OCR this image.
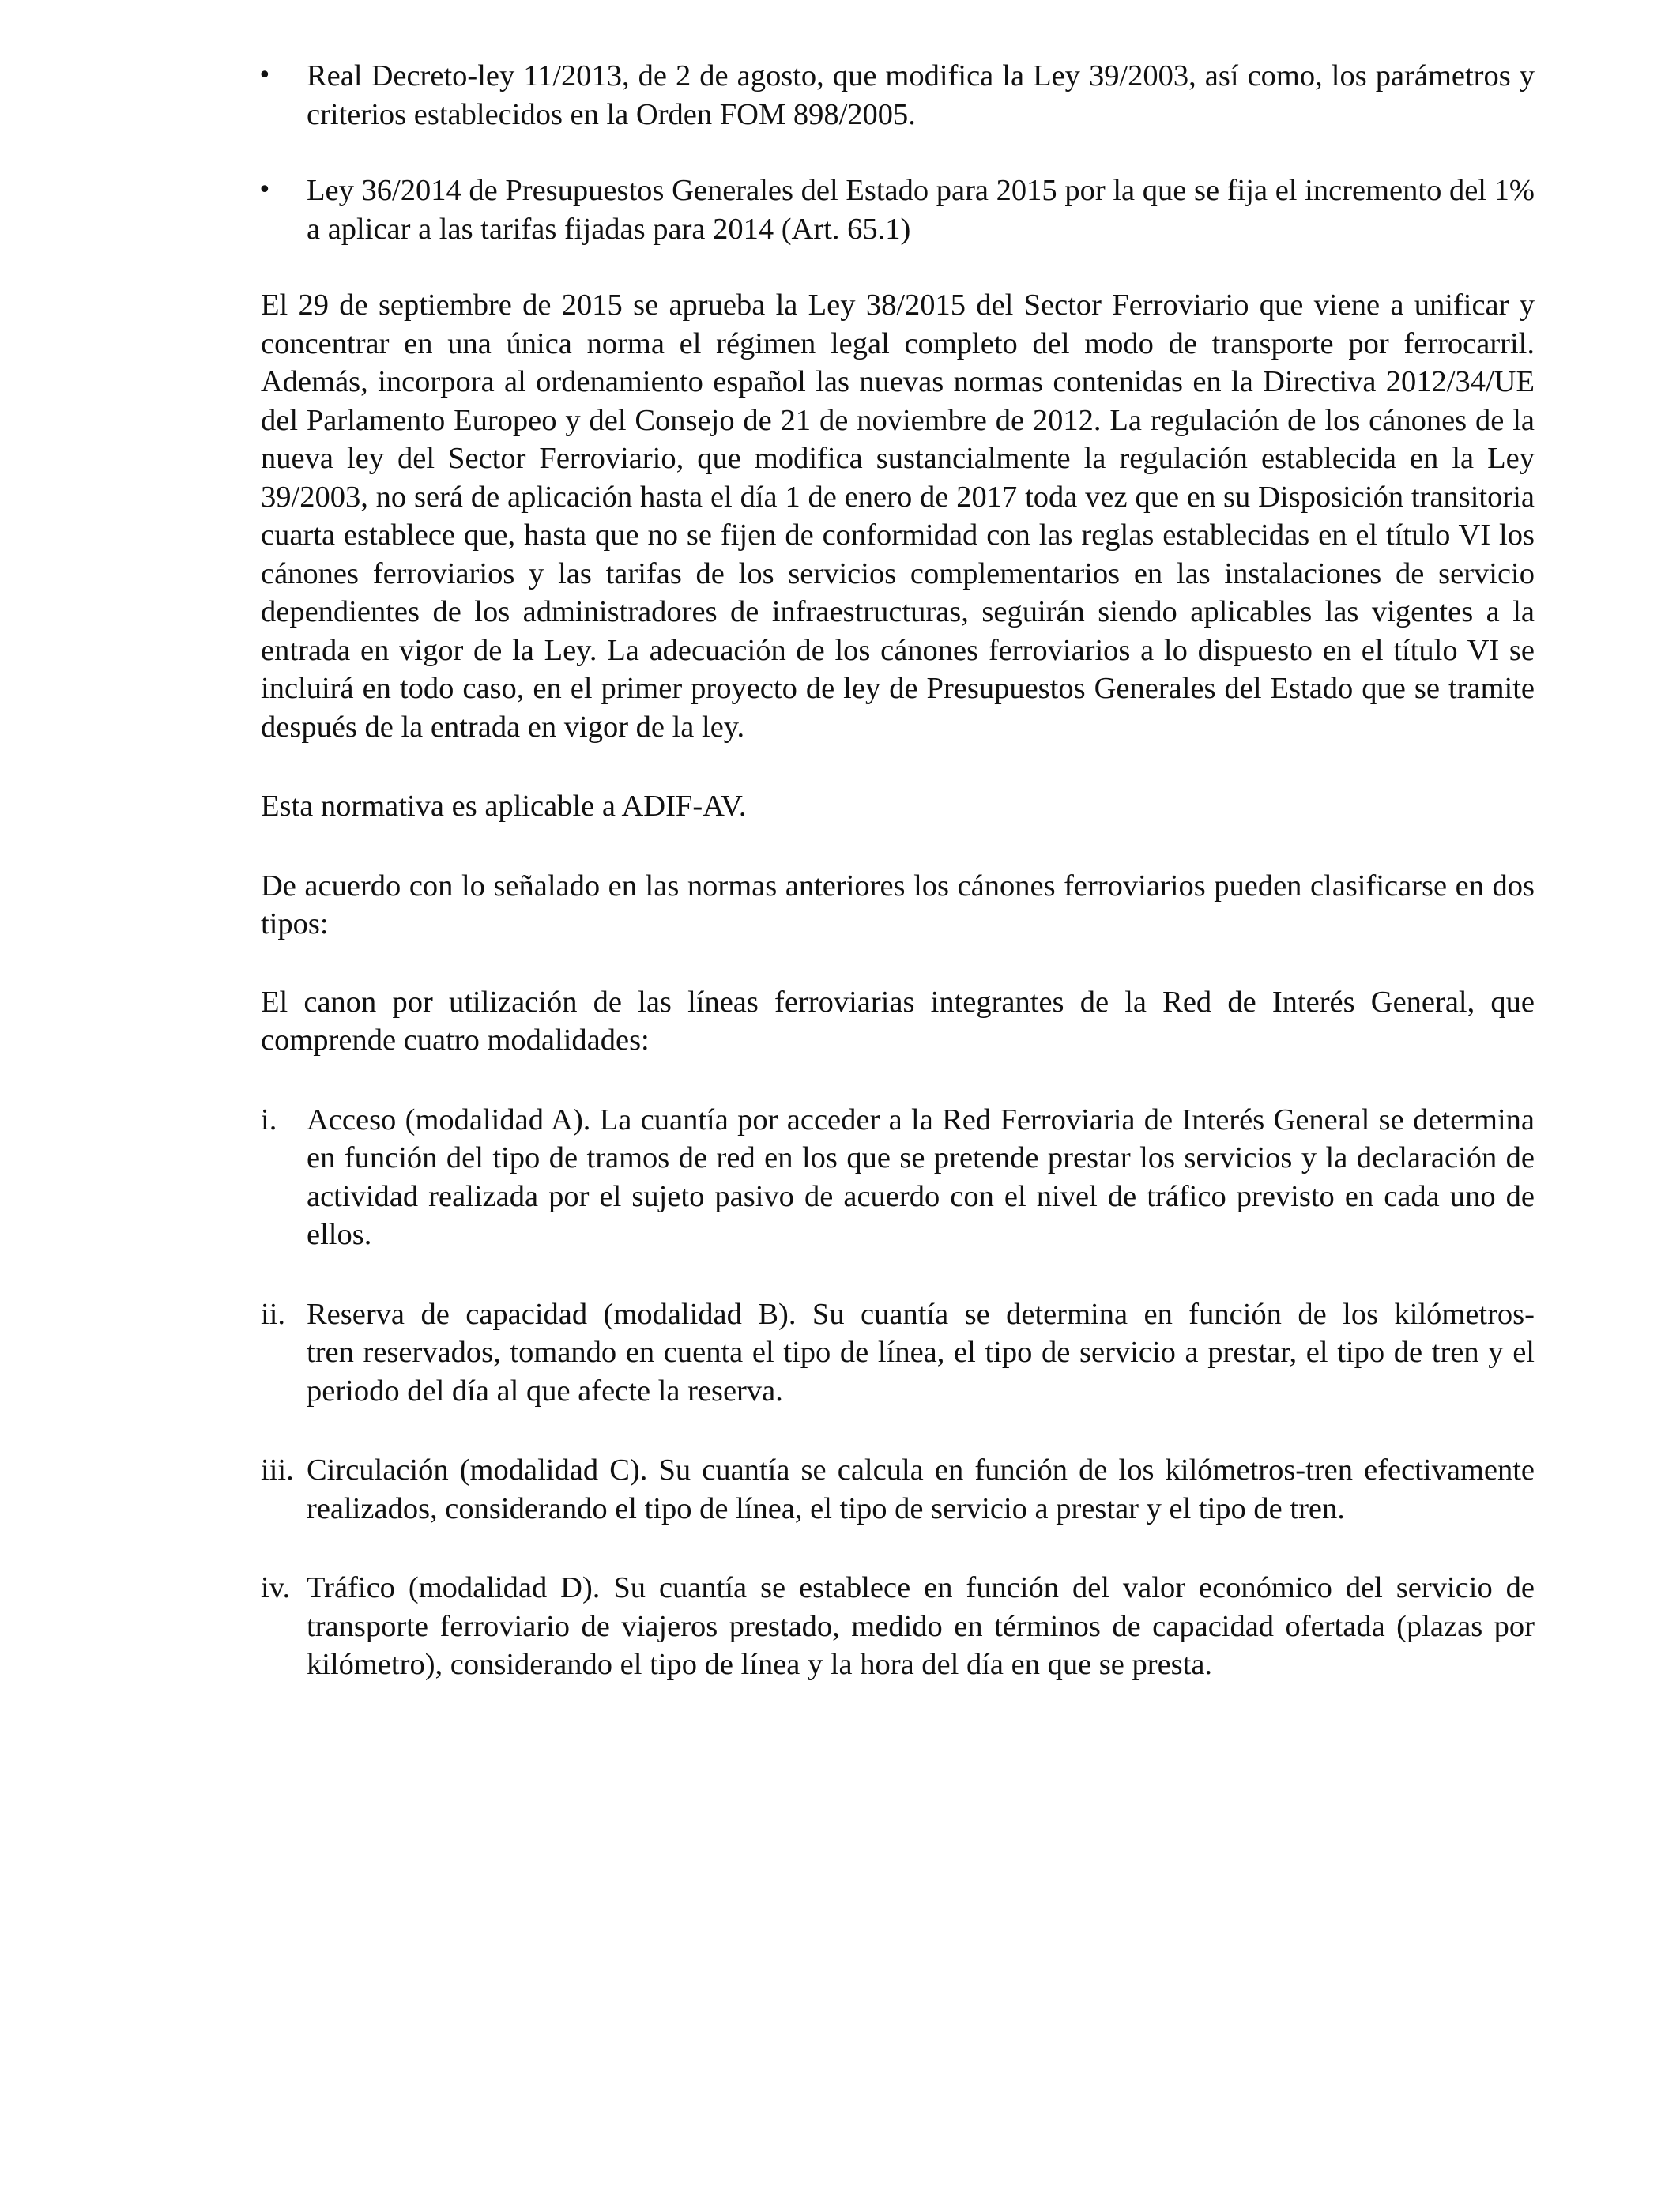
•	Real Decreto-ley 11/2013, de 2 de agosto, que modifica la Ley 39/2003, así como, los parámetros y criterios establecidos en la Orden FOM 898/2005.
•	Ley 36/2014 de Presupuestos Generales del Estado para 2015 por la que se fija el incremento del 1% a aplicar a las tarifas fijadas para 2014 (Art. 65.1)

El 29 de septiembre de 2015 se aprueba la Ley 38/2015 del Sector Ferroviario que viene a unificar y concentrar en una única norma el régimen legal completo del modo de transporte por ferrocarril. Además, incorpora al ordenamiento español las nuevas normas contenidas en la Directiva 2012/34/UE del Parlamento Europeo y del Consejo de 21 de noviembre de 2012. La regulación de los cánones de la nueva ley del Sector Ferroviario, que modifica sustancialmente la regulación establecida en la Ley 39/2003, no será de aplicación hasta el día 1 de enero de 2017 toda vez que en su Disposición transitoria cuarta establece que, hasta que no se fijen de conformidad con las reglas establecidas en el título VI los cánones ferroviarios y las tarifas de los servicios complementarios en las instalaciones de servicio dependientes de los administradores de infraestructuras, seguirán siendo aplicables las vigentes a la entrada en vigor de la Ley. La adecuación de los cánones ferroviarios a lo dispuesto en el título VI se incluirá en todo caso, en el primer proyecto de ley de Presupuestos Generales del Estado que se tramite después de la entrada en vigor de la ley.

Esta normativa es aplicable a ADIF-AV.

De acuerdo con lo señalado en las normas anteriores los cánones ferroviarios pueden clasificarse en dos tipos:

El canon por utilización de las líneas ferroviarias integrantes de la Red de Interés General, que comprende cuatro modalidades:

i. Acceso (modalidad A). La cuantía por acceder a la Red Ferroviaria de Interés General se determina en función del tipo de tramos de red en los que se pretende prestar los servicios y la declaración de actividad realizada por el sujeto pasivo de acuerdo con el nivel de tráfico previsto en cada uno de ellos.
ii. Reserva de capacidad (modalidad B). Su cuantía se determina en función de los kilómetros-
tren reservados, tomando en cuenta el tipo de línea, el tipo de servicio a prestar, el tipo de tren y el periodo del día al que afecte la reserva.
iii. Circulación (modalidad C). Su cuantía se calcula en función de los kilómetros-tren efectivamente realizados, considerando el tipo de línea, el tipo de servicio a prestar y el tipo de tren.
iv. Tráfico (modalidad D). Su cuantía se establece en función del valor económico del servicio de transporte ferroviario de viajeros prestado, medido en términos de capacidad ofertada (plazas por kilómetro), considerando el tipo de línea y la hora del día en que se presta.
